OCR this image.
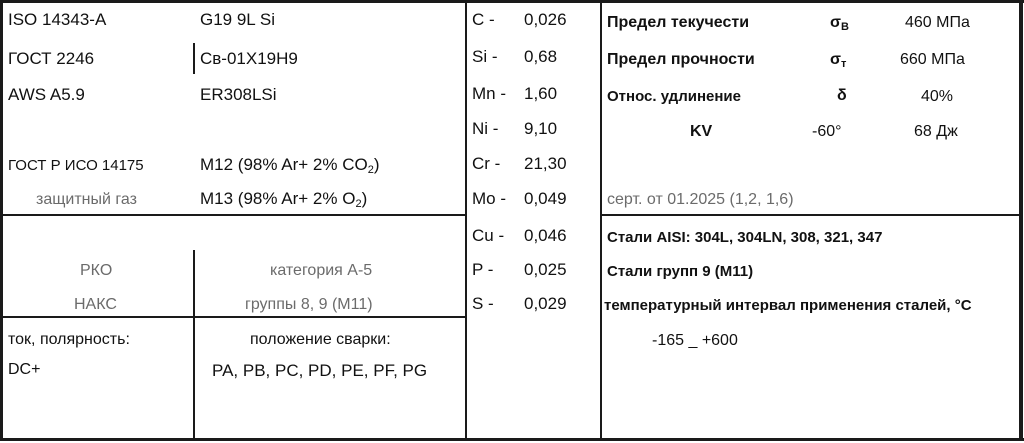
ISO 14343-A	G19 9L Si
ГОСТ 2246	Св-01Х19Н9
AWS A5.9	ER308LSi
ГОСТ Р ИСО 14175	M12 (98% Ar+ 2% $CO_2$)
защитный газ	M13 (98% Ar+ 2% $O_2$)
РКО	категория А-5
НАКС	группы 8, 9 (М11)
ток, полярность:
DC+
положение сварки:
PA, PB, PC, PD, PE, PF, PG
C - 0,026
Si - 0,68
Mn - 1,60
Ni - 9,10
Cr - 21,30
Mo - 0,049
Cu - 0,046
P - 0,025
S - 0,029
Предел текучести	$\sigma_В$	460 МПа
Предел прочности	$\sigma_т$	660 МПа
Относ. удлинение	δ	40%
KV	-60°	68 Дж
серт. от 01.2025 (1,2, 1,6)
Стали AISI: 304L, 304LN, 308, 321, 347
Стали групп 9 (М11)
температурный интервал применения сталей, °С
-165 _ +600
